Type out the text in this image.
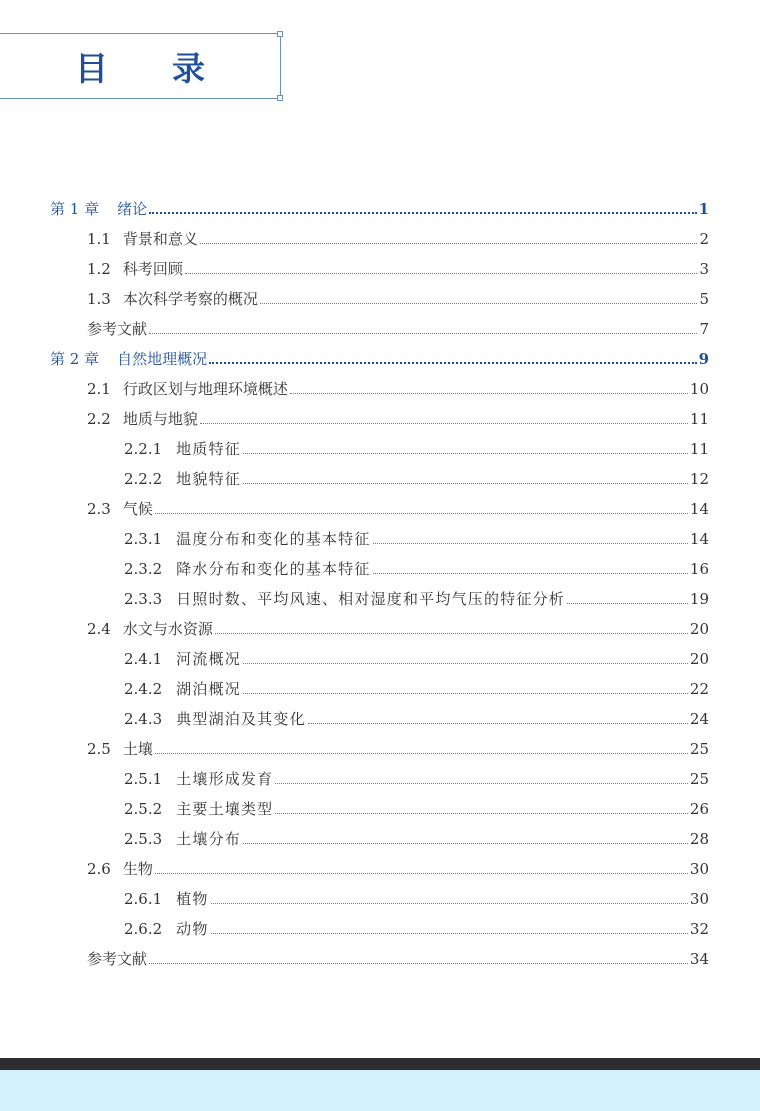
目 录
第 1 章 绪论	1
1.1 背景和意义	2
1.2 科考回顾	3
1.3 本次科学考察的概况	5
参考文献	7
第 2 章 自然地理概况	9
2.1 行政区划与地理环境概述	10
2.2 地质与地貌	11
2.2.1 地质特征	11
2.2.2 地貌特征	12
2.3 气候	14
2.3.1 温度分布和变化的基本特征	14
2.3.2 降水分布和变化的基本特征	16
2.3.3 日照时数、平均风速、相对湿度和平均气压的特征分析	19
2.4 水文与水资源	20
2.4.1 河流概况	20
2.4.2 湖泊概况	22
2.4.3 典型湖泊及其变化	24
2.5 土壤	25
2.5.1 土壤形成发育	25
2.5.2 主要土壤类型	26
2.5.3 土壤分布	28
2.6 生物	30
2.6.1 植物	30
2.6.2 动物	32
参考文献	34
